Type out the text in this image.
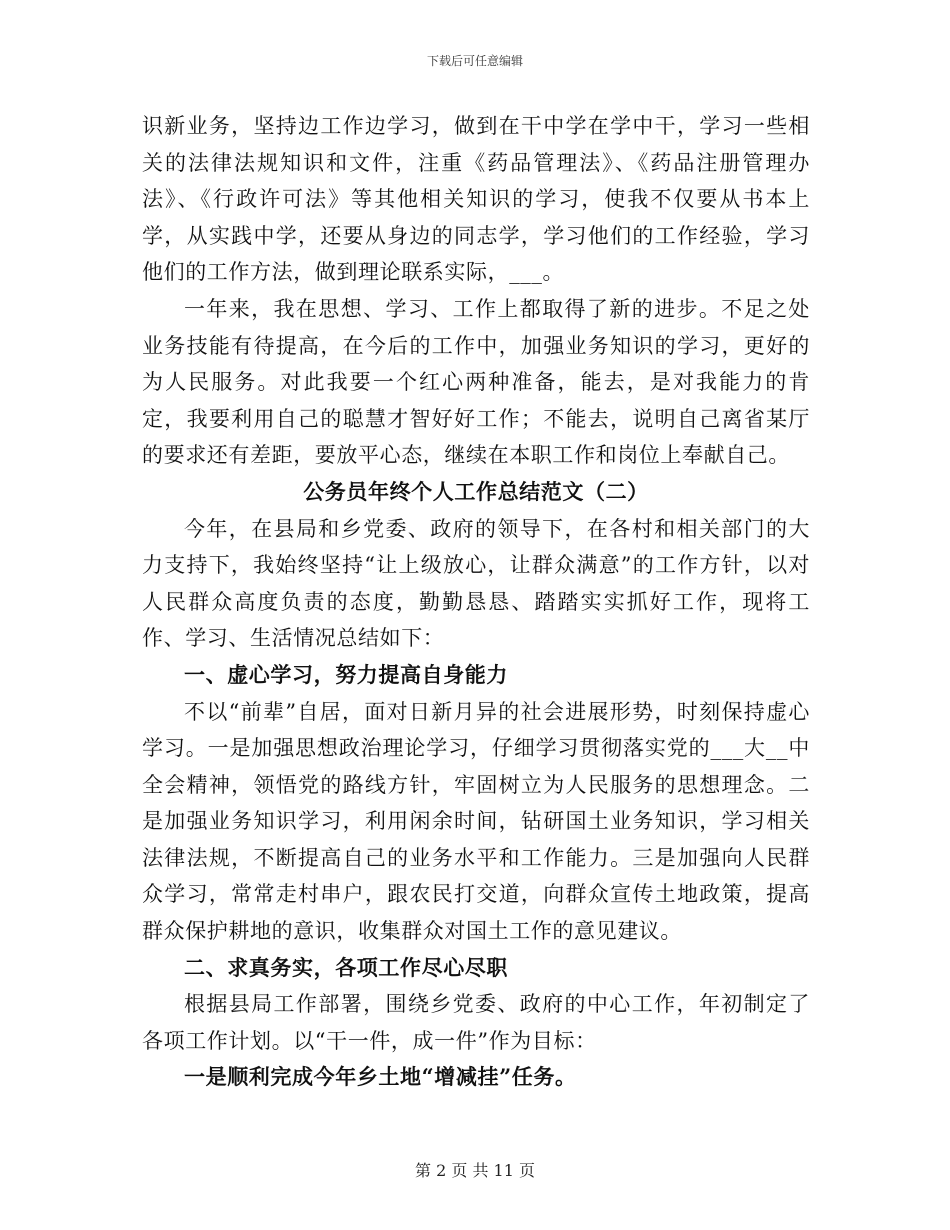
下载后可任意编辑

识新业务，坚持边工作边学习，做到在干中学在学中干，学习一些相关的法律法规知识和文件，注重《药品管理法》、《药品注册管理办法》、《行政许可法》等其他相关知识的学习，使我不仅要从书本上学，从实践中学，还要从身边的同志学，学习他们的工作经验，学习他们的工作方法，做到理论联系实际，___。

一年来，我在思想、学习、工作上都取得了新的进步。不足之处业务技能有待提高，在今后的工作中，加强业务知识的学习，更好的为人民服务。对此我要一个红心两种准备，能去，是对我能力的肯定，我要利用自己的聪慧才智好好工作；不能去，说明自己离省某厅的要求还有差距，要放平心态，继续在本职工作和岗位上奉献自己。

公务员年终个人工作总结范文（二）

今年，在县局和乡党委、政府的领导下，在各村和相关部门的大力支持下，我始终坚持“让上级放心，让群众满意”的工作方针，以对人民群众高度负责的态度，勤勤恳恳、踏踏实实抓好工作，现将工作、学习、生活情况总结如下：

一、虚心学习，努力提高自身能力

不以“前辈”自居，面对日新月异的社会进展形势，时刻保持虚心学习。一是加强思想政治理论学习，仔细学习贯彻落实党的___大__中全会精神，领悟党的路线方针，牢固树立为人民服务的思想理念。二是加强业务知识学习，利用闲余时间，钻研国土业务知识，学习相关法律法规，不断提高自己的业务水平和工作能力。三是加强向人民群众学习，常常走村串户，跟农民打交道，向群众宣传土地政策，提高群众保护耕地的意识，收集群众对国土工作的意见建议。

二、求真务实，各项工作尽心尽职

根据县局工作部署，围绕乡党委、政府的中心工作，年初制定了各项工作计划。以“干一件，成一件”作为目标：

一是顺利完成今年乡土地“增减挂”任务。

第 2 页 共 11 页
